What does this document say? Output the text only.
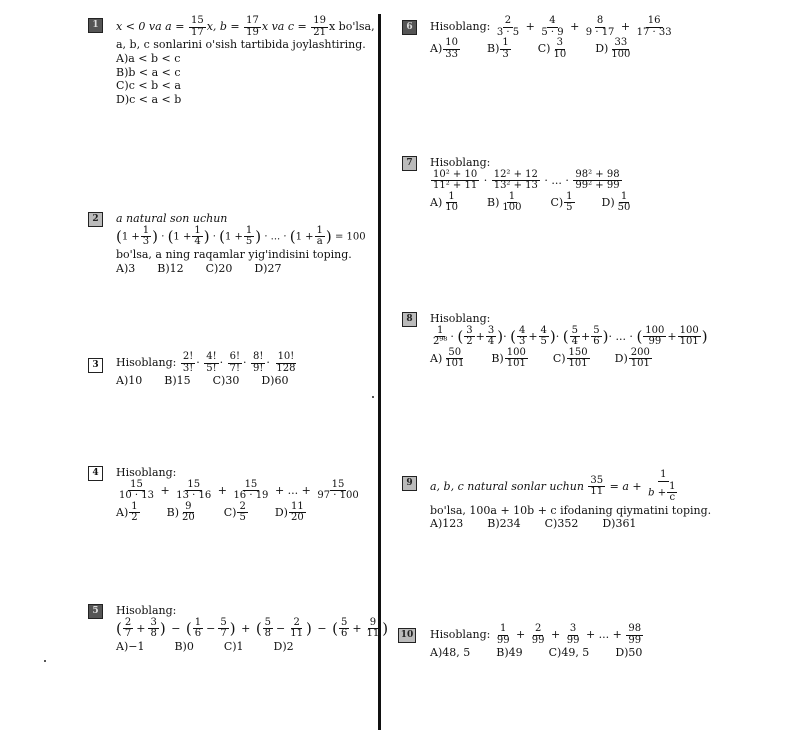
1	x < 0 va $a = \frac{15}{17} x$, $b = \frac{17}{19}$ x va $c = \frac{19}{21}$ x bo'lsa,
a, b, c sonlarini o'sish tartibida joylashtiring.
A)a < b < c
B)b < a < c
C)c < b < a
D)c < a < b
2	a natural son uchun
($1 + \frac{1}{3}$ ) · ($1 + \frac{1}{4}$ ) · ($1 + \frac{1}{5}$ ) · ... · ($1 + \frac{1}{a}$ ) = 100
bo'lsa, a ning raqamlar yig'indisini toping.
A)3 B)12 C)20 D)27
3	Hisoblang: $\frac{2!}{3!} \cdot \frac{4!}{5!} \cdot \frac{6!}{7!} \cdot \frac{8!}{9!} \cdot \frac{10!}{128}$
A)10 B)15 C)30 D)60
4	Hisoblang:
$\frac{15}{10 \cdot 13} + \frac{15}{13 \cdot 16} + \frac{15}{16 \cdot 19}$ + ... + $\frac{15}{97 \cdot 100}$
$A) \frac{1}{2} B) \frac{9}{20} C) \frac{2}{5} D) \frac{11}{20}$
5	Hisoblang:
( $\frac{2}{7} + \frac{3}{8}$ ) − ( $\frac{1}{6} - \frac{5}{7}$ ) + ( $\frac{5}{8} - \frac{2}{11}$ ) − ( $\frac{5}{6} + \frac{9}{11}$ )
A)−1	B)0	C)1	D)2
6	Hisoblang: $\frac{2}{3 \cdot 5} + \frac{4}{5 \cdot 9} + \frac{8}{9 \cdot 17} + \frac{16}{17 \cdot 33}$
$A) \frac{10}{33} B) \frac{1}{3} C) \frac{3}{10} D) \frac{33}{100}$
7	Hisoblang:
$\frac{\text{10² + 10}}{\text{11² + 11}} \cdot \frac{\text{12² + 12}}{\text{13² + 13}}$ · ... · $\frac{\text{98² + 98}}{\text{99² + 99}}$
$A) \frac{1}{10} B) \frac{1}{100} C) \frac{1}{5} D) \frac{1}{50}$
8	Hisoblang:
$\frac{1}{\text{2⁹⁸}}$ · ( $\frac{3}{2} + \frac{3}{4}$ )· ( $\frac{4}{3} + \frac{4}{5}$ )· ( $\frac{5}{4} + \frac{5}{6}$ )· ... · ( $\frac{100}{99} + \frac{100}{101}$ )
$A) \frac{50}{101} B) \frac{100}{101} C) \frac{150}{101} D) \frac{200}{101}$
9	a, b, c natural sonlar uchun $\frac{35}{11} = a + \frac{1}{b + \frac{1}{c}}$
bo'lsa, 100a + 10b + c ifodaning qiymatini toping.
A)123 B)234 C)352 D)361
10 Hisoblang: $\frac{1}{99} + \frac{2}{99} + \frac{3}{99}$ + ... + $\frac{98}{99}$
A)48, 5 B)49 C)49, 5 D)50
